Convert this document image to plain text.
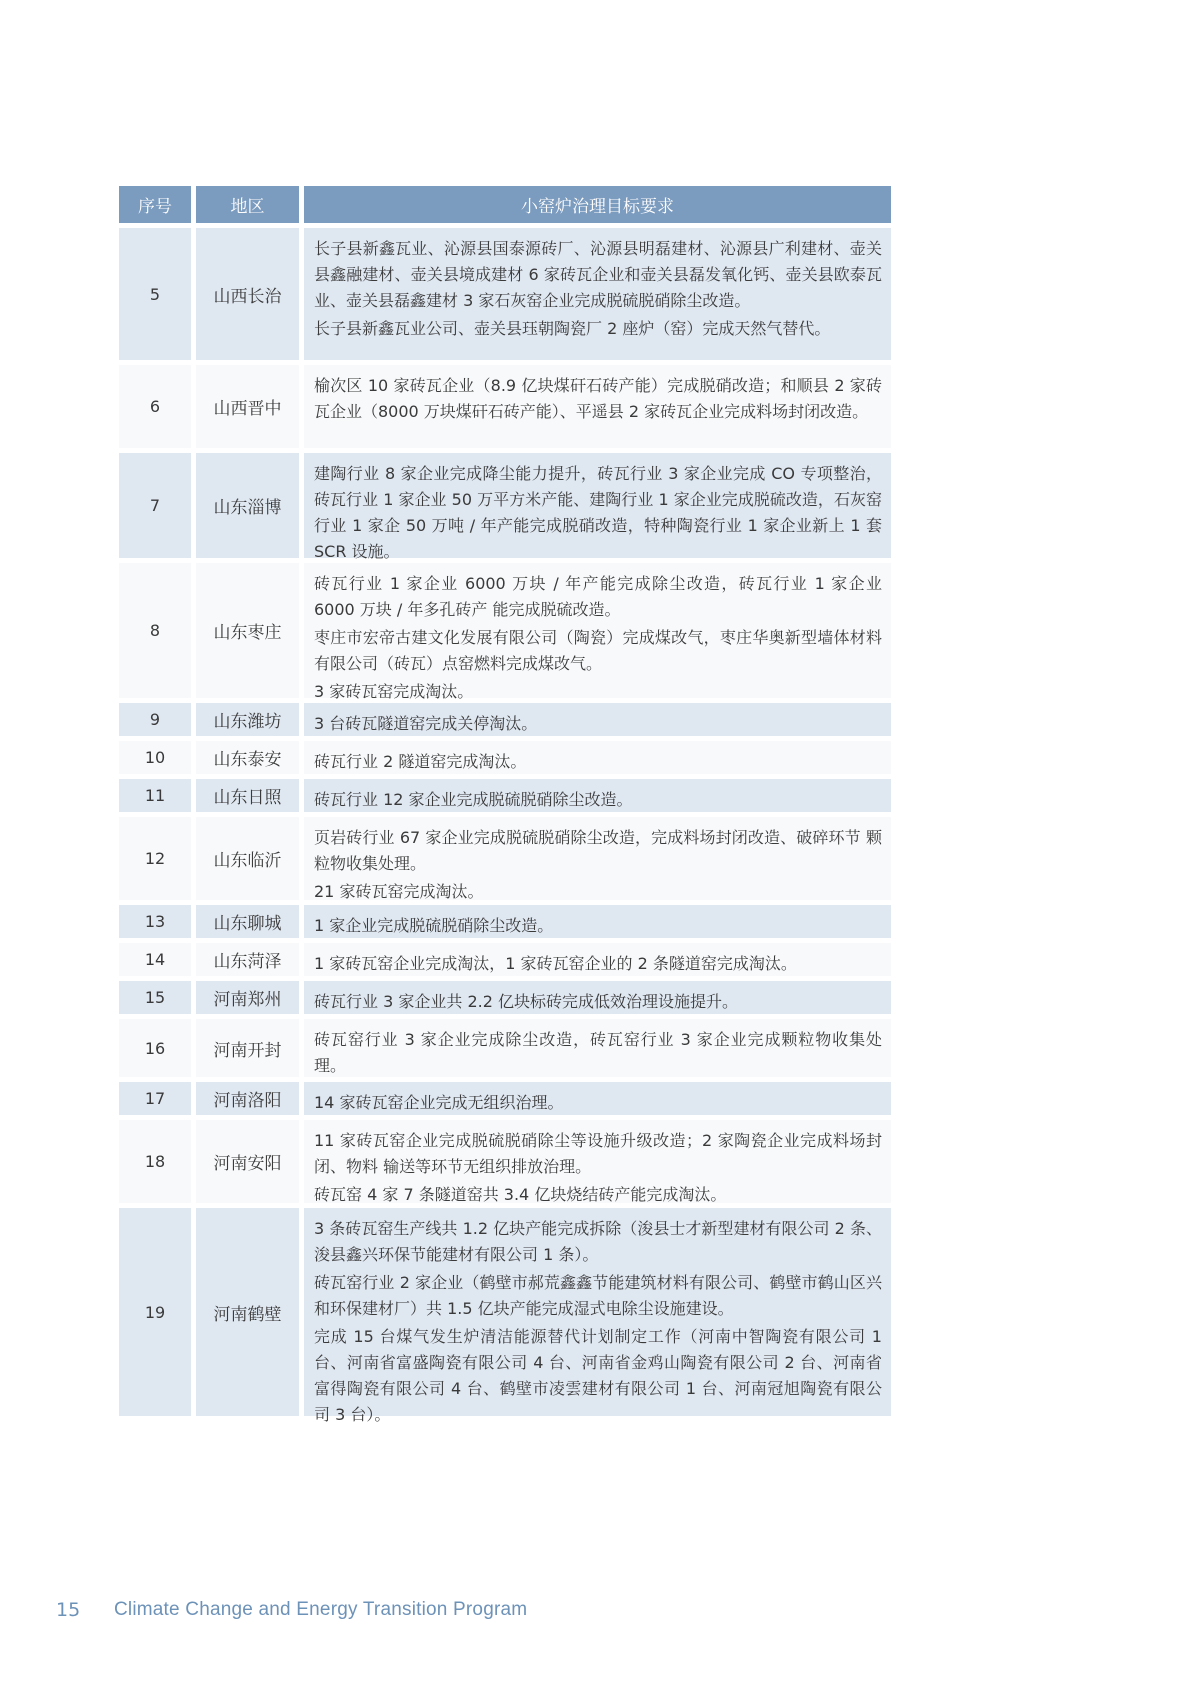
序号	地区	小窑炉治理目标要求
5	山西长治
长子县新鑫瓦业、沁源县国泰源砖厂、沁源县明磊建材、沁源县广利建材、壶关县鑫融建材、壶关县境成建材 6 家砖瓦企业和壶关县磊发氧化钙、壶关县欧泰瓦业、壶关县磊鑫建材 3 家石灰窑企业完成脱硫脱硝除尘改造。
长子县新鑫瓦业公司、壶关县珏朝陶瓷厂 2 座炉（窑）完成天然气替代。
6	山西晋中
榆次区 10 家砖瓦企业（8.9 亿块煤矸石砖产能）完成脱硝改造；和顺县 2 家砖瓦企业（8000 万块煤矸石砖产能）、平遥县 2 家砖瓦企业完成料场封闭改造。
7	山东淄博
建陶行业 8 家企业完成降尘能力提升，砖瓦行业 3 家企业完成 CO 专项整治，砖瓦行业 1 家企业 50 万平方米产能、建陶行业 1 家企业完成脱硫改造，石灰窑行业 1 家企 50 万吨 / 年产能完成脱硝改造，特种陶瓷行业 1 家企业新上 1 套 SCR 设施。
8	山东枣庄
砖瓦行业 1 家企业 6000 万块 / 年产能完成除尘改造，砖瓦行业 1 家企业 6000 万块 / 年多孔砖产 能完成脱硫改造。
枣庄市宏帝古建文化发展有限公司（陶瓷）完成煤改气，枣庄华奥新型墙体材料有限公司（砖瓦）点窑燃料完成煤改气。
3 家砖瓦窑完成淘汰。
9	山东潍坊	3 台砖瓦隧道窑完成关停淘汰。
10	山东泰安	砖瓦行业 2 隧道窑完成淘汰。
11	山东日照	砖瓦行业 12 家企业完成脱硫脱硝除尘改造。
12	山东临沂
页岩砖行业 67 家企业完成脱硫脱硝除尘改造，完成料场封闭改造、破碎环节 颗粒物收集处理。
21 家砖瓦窑完成淘汰。
13	山东聊城	1 家企业完成脱硫脱硝除尘改造。
14	山东菏泽	1 家砖瓦窑企业完成淘汰，1 家砖瓦窑企业的 2 条隧道窑完成淘汰。
15	河南郑州	砖瓦行业 3 家企业共 2.2 亿块标砖完成低效治理设施提升。
16	河南开封
砖瓦窑行业 3 家企业完成除尘改造，砖瓦窑行业 3 家企业完成颗粒物收集处理。
17	河南洛阳	14 家砖瓦窑企业完成无组织治理。
18	河南安阳
11 家砖瓦窑企业完成脱硫脱硝除尘等设施升级改造；2 家陶瓷企业完成料场封闭、物料 输送等环节无组织排放治理。
砖瓦窑 4 家 7 条隧道窑共 3.4 亿块烧结砖产能完成淘汰。
19	河南鹤壁
3 条砖瓦窑生产线共 1.2 亿块产能完成拆除（浚县士才新型建材有限公司 2 条、浚县鑫兴环保节能建材有限公司 1 条）。
砖瓦窑行业 2 家企业（鹤壁市郝荒鑫鑫节能建筑材料有限公司、鹤壁市鹤山区兴和环保建材厂）共 1.5 亿块产能完成湿式电除尘设施建设。
完成 15 台煤气发生炉清洁能源替代计划制定工作（河南中智陶瓷有限公司 1 台、河南省富盛陶瓷有限公司 4 台、河南省金鸡山陶瓷有限公司 2 台、河南省富得陶瓷有限公司 4 台、鹤壁市凌雲建材有限公司 1 台、河南冠旭陶瓷有限公司 3 台）。
15	Climate Change and Energy Transition Program
